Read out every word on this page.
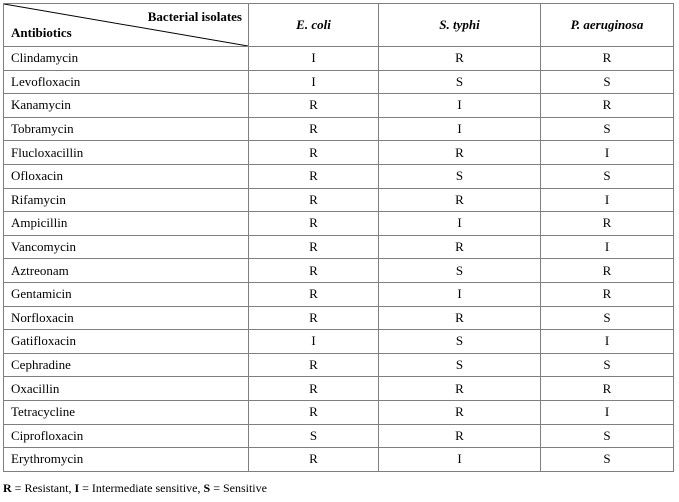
Bacterial isolates
Antibiotics	E. coli	S. typhi	P. aeruginosa
Clindamycin	I	R	R
Levofloxacin	I	S	S
Kanamycin	R	I	R
Tobramycin	R	I	S
Flucloxacillin	R	R	I
Ofloxacin	R	S	S
Rifamycin	R	R	I
Ampicillin	R	I	R
Vancomycin	R	R	I
Aztreonam	R	S	R
Gentamicin	R	I	R
Norfloxacin	R	R	S
Gatifloxacin	I	S	I
Cephradine	R	S	S
Oxacillin	R	R	R
Tetracycline	R	R	I
Ciprofloxacin	S	R	S
Erythromycin	R	I	S
R = Resistant, I = Intermediate sensitive, S = Sensitive
